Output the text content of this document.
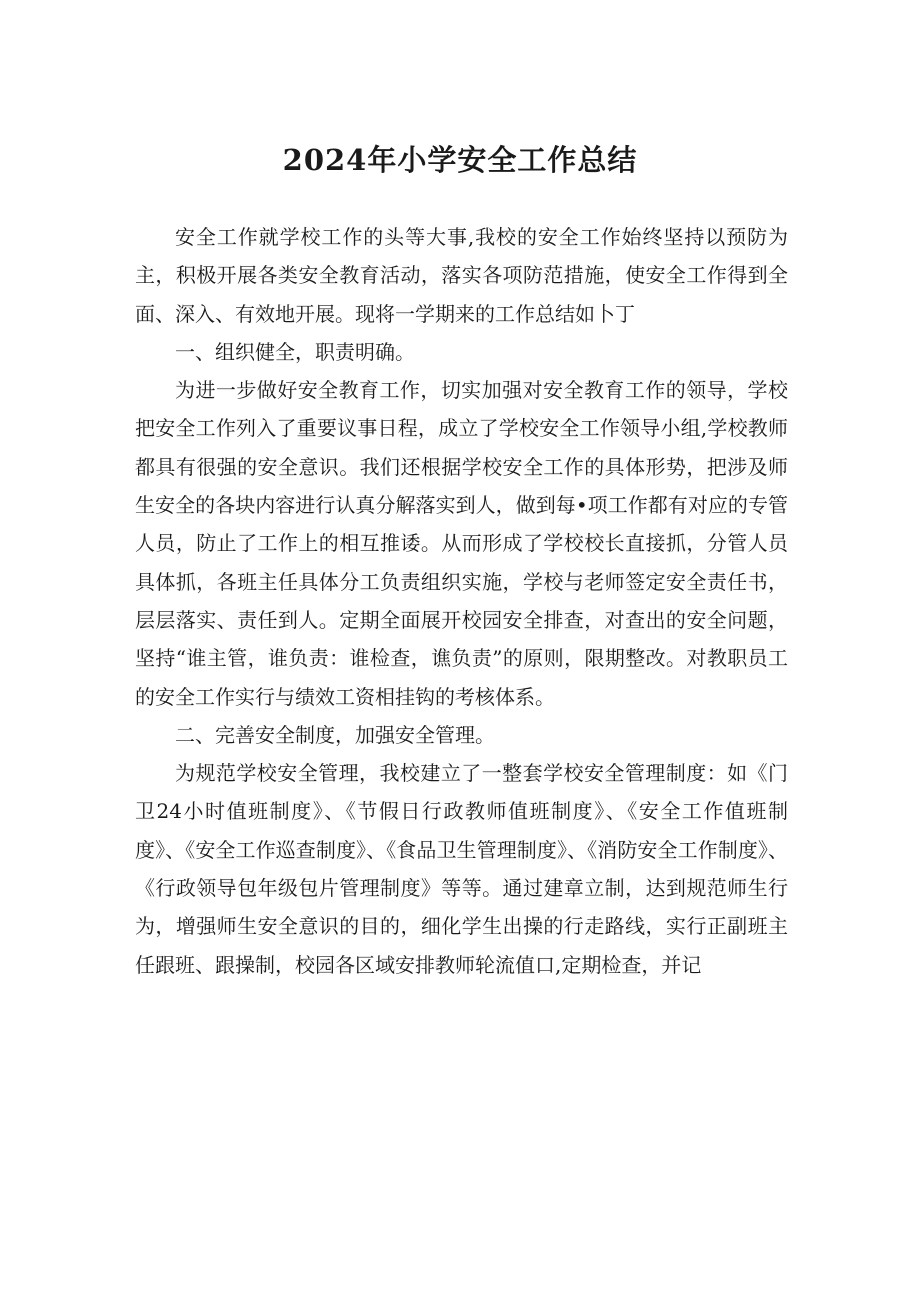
2024年小学安全工作总结

安全工作就学校工作的头等大事,我校的安全工作始终坚持以预防为主，积极开展各类安全教育活动，落实各项防范措施，使安全工作得到全面、深入、有效地开展。现将一学期来的工作总结如卜丁

一、组织健全，职责明确。

为进一步做好安全教育工作，切实加强对安全教育工作的领导，学校把安全工作列入了重要议事日程，成立了学校安全工作领导小组,学校教师都具有很强的安全意识。我们还根据学校安全工作的具体形势，把涉及师生安全的各块内容进行认真分解落实到人，做到每•项工作都有对应的专管人员，防止了工作上的相互推诿。从而形成了学校校长直接抓，分管人员具体抓，各班主任具体分工负责组织实施，学校与老师签定安全责任书，层层落实、责任到人。定期全面展开校园安全排查，对查出的安全问题，坚持“谁主管，谁负责：谁检查，谯负责”的原则，限期整改。对教职员工的安全工作实行与绩效工资相挂钩的考核体系。

二、完善安全制度，加强安全管理。

为规范学校安全管理，我校建立了一整套学校安全管理制度：如《门卫24小时值班制度》、《节假日行政教师值班制度》、《安全工作值班制度》、《安全工作巡查制度》、《食品卫生管理制度》、《消防安全工作制度》、《行政领导包年级包片管理制度》等等。通过建章立制，达到规范师生行为，增强师生安全意识的目的，细化学生出操的行走路线，实行正副班主任跟班、跟操制，校园各区域安排教师轮流值口,定期检查，并记
